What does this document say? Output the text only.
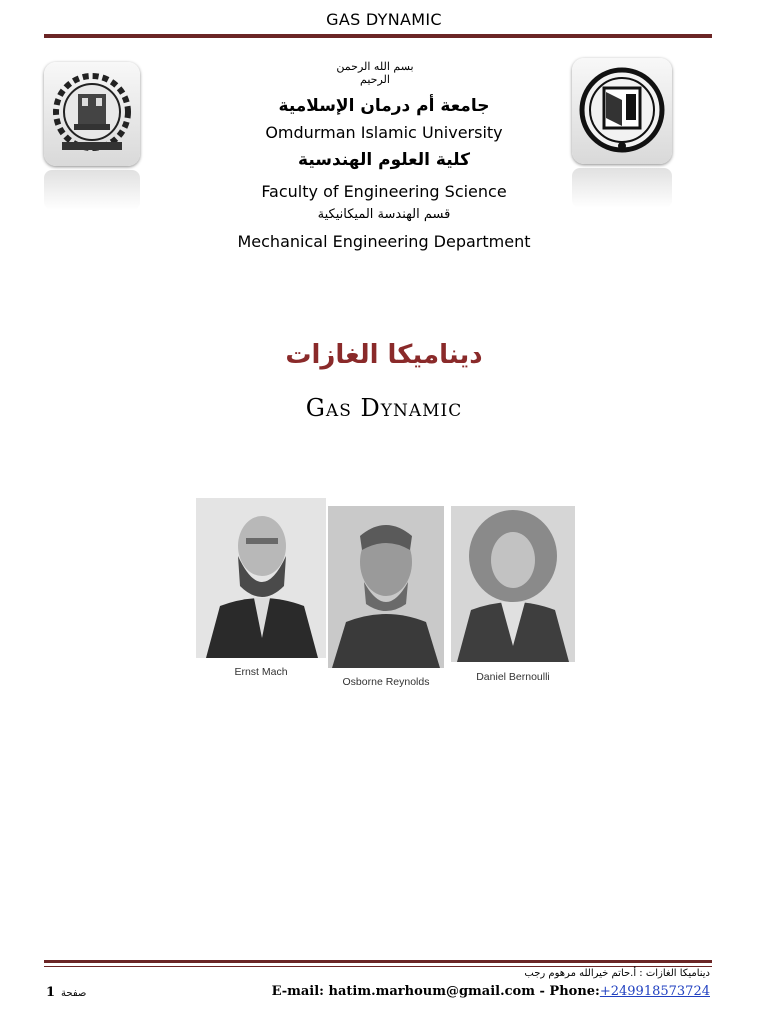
GAS DYNAMIC
بسم الله الرحمن الرحيم
جامعة أم درمان الإسلامية
Omdurman Islamic University
كلية العلوم الهندسية
Faculty of Engineering Science
قسم الهندسة الميكانيكية
Mechanical Engineering Department
ديناميكا الغازات
Gas Dynamic
Ernst Mach
Osborne Reynolds	Daniel Bernoulli
ديناميكا الغازات : أ.حاتم خيرالله مرهوم رجب
1 صفحة	E-mail: hatim.marhoum@gmail.com - Phone:+249918573724
